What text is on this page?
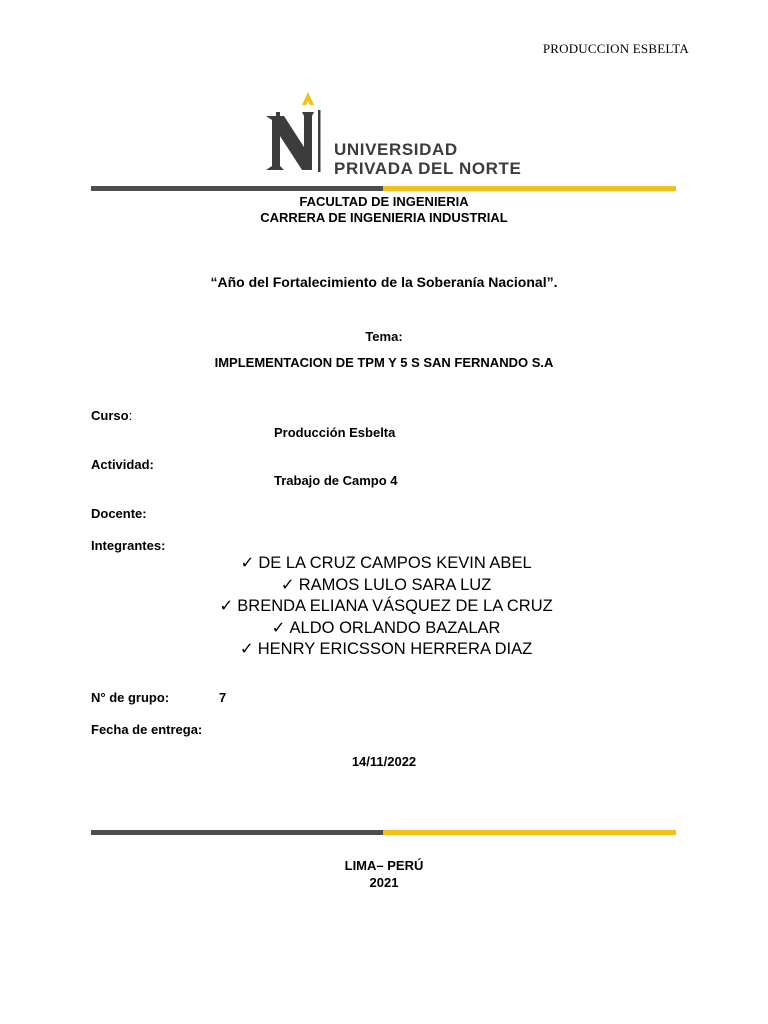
PRODUCCION ESBELTA
UNIVERSIDAD
PRIVADA DEL NORTE
FACULTAD DE INGENIERIA
CARRERA DE INGENIERIA INDUSTRIAL
“Año del Fortalecimiento de la Soberanía Nacional”.
Tema:
IMPLEMENTACION DE TPM Y 5 S SAN FERNANDO S.A
Curso:
Producción Esbelta
Actividad:
Trabajo de Campo 4
Docente:
Integrantes:
✓ DE LA CRUZ CAMPOS KEVIN ABEL
✓ RAMOS LULO SARA LUZ
✓ BRENDA ELIANA VÁSQUEZ DE LA CRUZ
✓ ALDO ORLANDO BAZALAR
✓ HENRY ERICSSON HERRERA DIAZ
N° de grupo:	7
Fecha de entrega:
14/11/2022
LIMA– PERÚ
2021
